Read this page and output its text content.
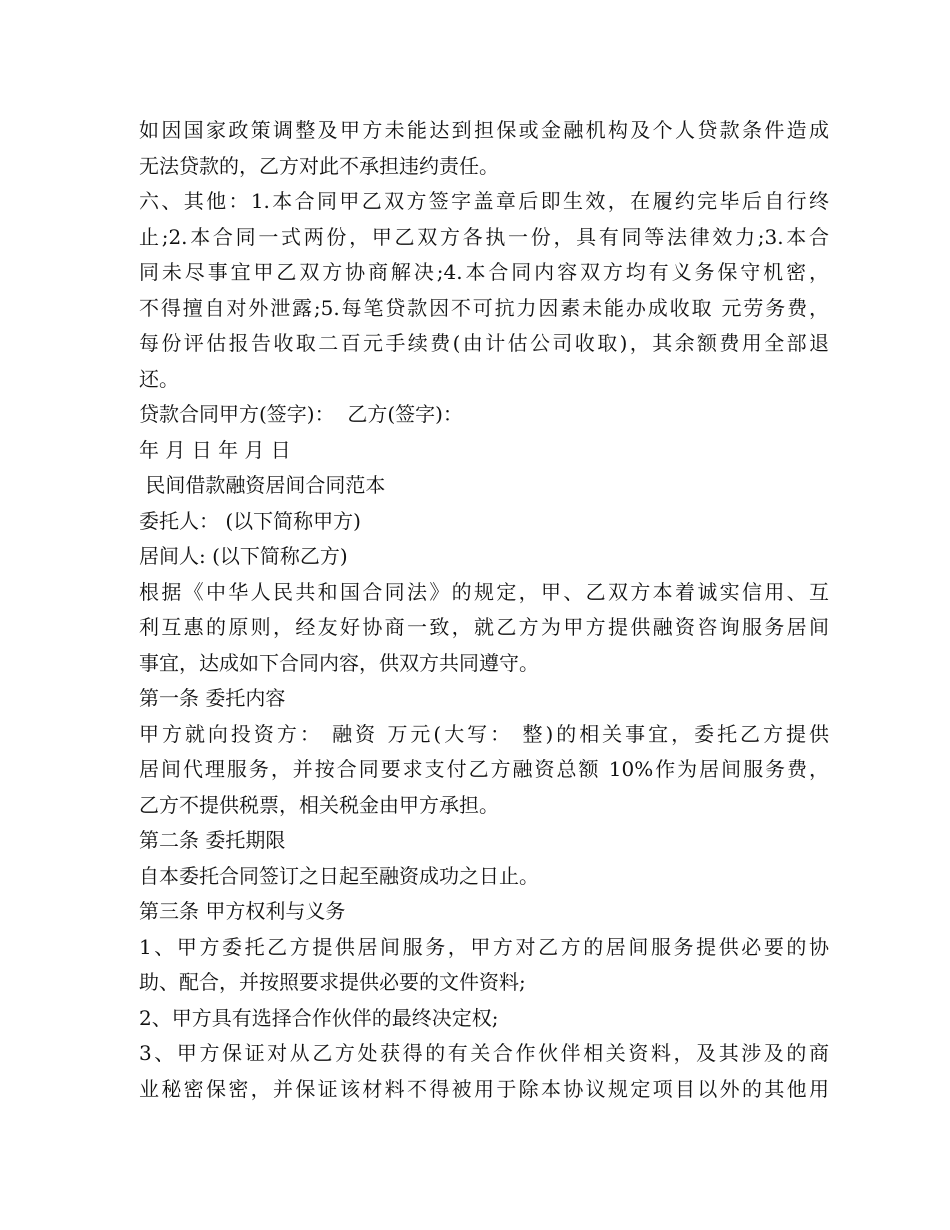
如因国家政策调整及甲方未能达到担保或金融机构及个人贷款条件造成
无法贷款的，乙方对此不承担违约责任。
六、其他：1.本合同甲乙双方签字盖章后即生效，在履约完毕后自行终
止;2.本合同一式两份，甲乙双方各执一份，具有同等法律效力;3.本合
同未尽事宜甲乙双方协商解决;4.本合同内容双方均有义务保守机密，
不得擅自对外泄露;5.每笔贷款因不可抗力因素未能办成收取 元劳务费，
每份评估报告收取二百元手续费(由计估公司收取)，其余额费用全部退
还。
贷款合同甲方(签字)：  乙方(签字)：
年 月 日 年 月 日
民间借款融资居间合同范本
委托人： (以下简称甲方)
居间人: (以下简称乙方)
根据《中华人民共和国合同法》的规定，甲、乙双方本着诚实信用、互
利互惠的原则，经友好协商一致，就乙方为甲方提供融资咨询服务居间
事宜，达成如下合同内容，供双方共同遵守。
第一条 委托内容
甲方就向投资方： 融资 万元(大写： 整)的相关事宜，委托乙方提供
居间代理服务，并按合同要求支付乙方融资总额 10%作为居间服务费，
乙方不提供税票，相关税金由甲方承担。
第二条 委托期限
自本委托合同签订之日起至融资成功之日止。
第三条 甲方权利与义务
1、甲方委托乙方提供居间服务，甲方对乙方的居间服务提供必要的协
助、配合，并按照要求提供必要的文件资料;
2、甲方具有选择合作伙伴的最终决定权;
3、甲方保证对从乙方处获得的有关合作伙伴相关资料，及其涉及的商
业秘密保密，并保证该材料不得被用于除本协议规定项目以外的其他用
